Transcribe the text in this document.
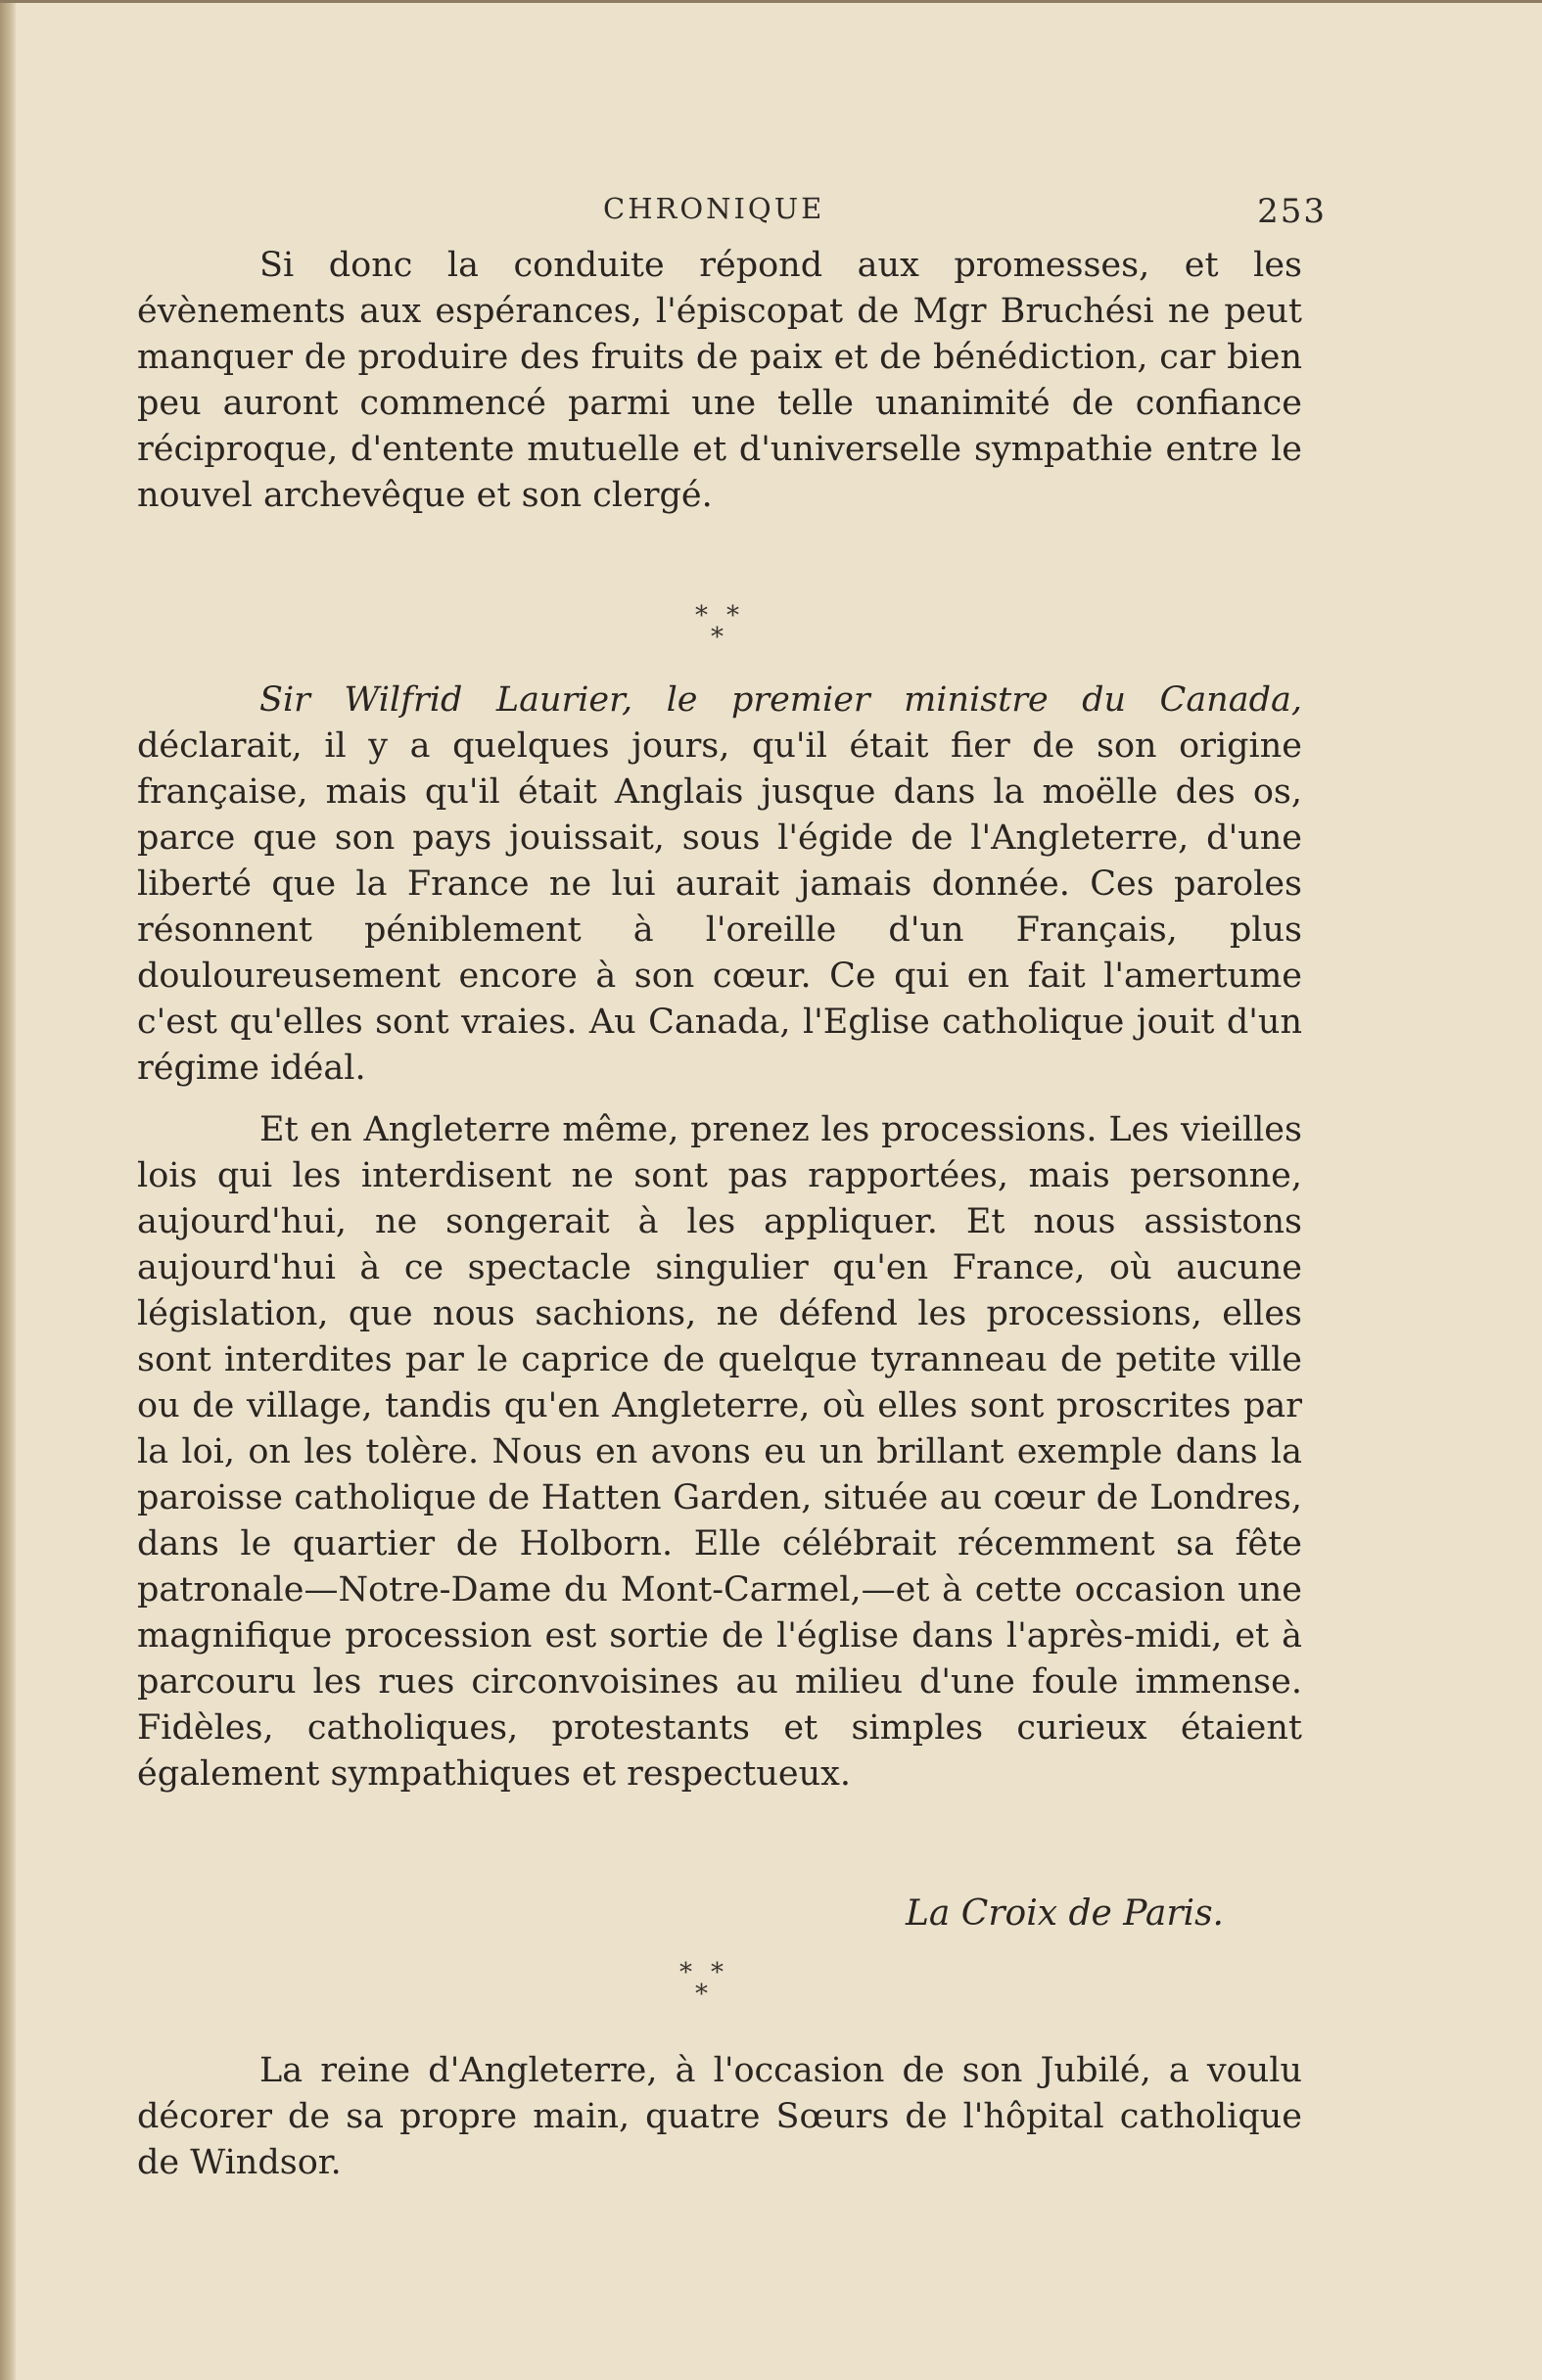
CHRONIQUE	253

Si donc la conduite répond aux promesses, et les évènements aux espérances, l'épiscopat de Mgr Bruchési ne peut manquer de produire des fruits de paix et de bénédiction, car bien peu auront commencé parmi une telle unanimité de confiance réciproque, d'entente mutuelle et d'universelle sympathie entre le nouvel archevêque et son clergé.

* *
*

Sir Wilfrid Laurier, le premier ministre du Canada, déclarait, il y a quelques jours, qu'il était fier de son origine française, mais qu'il était Anglais jusque dans la moëlle des os, parce que son pays jouissait, sous l'égide de l'Angleterre, d'une liberté que la France ne lui aurait jamais donnée. Ces paroles résonnent péniblement à l'oreille d'un Français, plus douloureusement encore à son cœur. Ce qui en fait l'amertume c'est qu'elles sont vraies. Au Canada, l'Eglise catholique jouit d'un régime idéal.

Et en Angleterre même, prenez les processions. Les vieilles lois qui les interdisent ne sont pas rapportées, mais personne, aujourd'hui, ne songerait à les appliquer. Et nous assistons aujourd'hui à ce spectacle singulier qu'en France, où aucune législation, que nous sachions, ne défend les processions, elles sont interdites par le caprice de quelque tyranneau de petite ville ou de village, tandis qu'en Angleterre, où elles sont proscrites par la loi, on les tolère. Nous en avons eu un brillant exemple dans la paroisse catholique de Hatten Garden, située au cœur de Londres, dans le quartier de Holborn. Elle célébrait récemment sa fête patronale—Notre-Dame du Mont-Carmel,—et à cette occasion une magnifique procession est sortie de l'église dans l'après-midi, et à parcouru les rues circonvoisines au milieu d'une foule immense. Fidèles, catholiques, protestants et simples curieux étaient également sympathiques et respectueux.

La Croix de Paris.
* *
*

La reine d'Angleterre, à l'occasion de son Jubilé, a voulu décorer de sa propre main, quatre Sœurs de l'hôpital catholique de Windsor.
